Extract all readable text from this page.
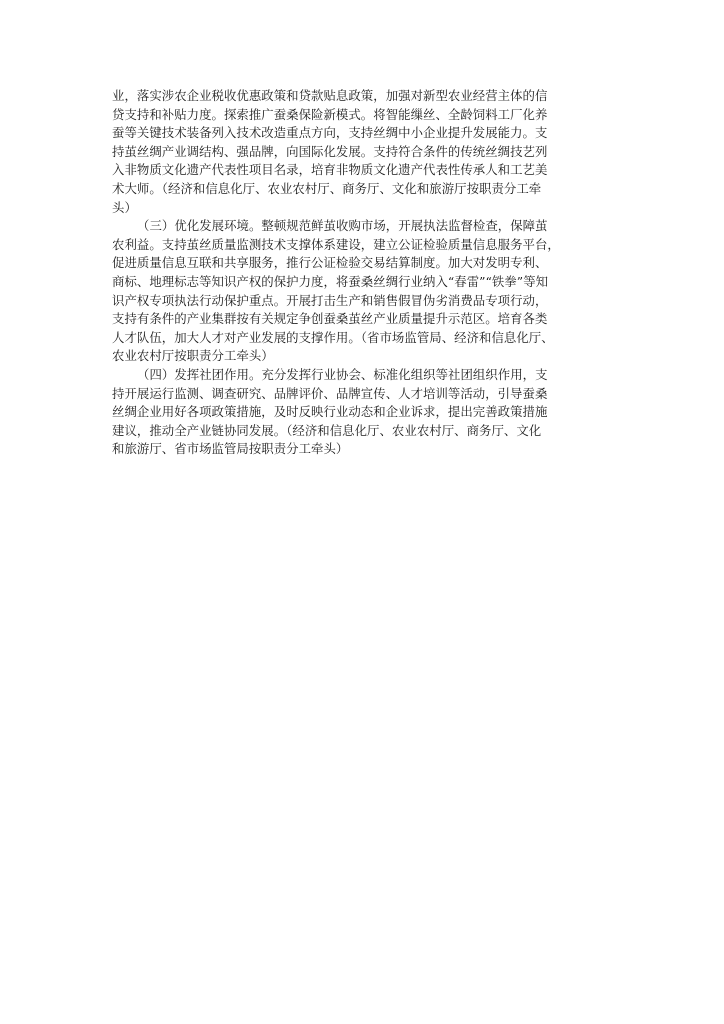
业，落实涉农企业税收优惠政策和贷款贴息政策，加强对新型农业经营主体的信
贷支持和补贴力度。探索推广蚕桑保险新模式。将智能缫丝、全龄饲料工厂化养
蚕等关键技术装备列入技术改造重点方向，支持丝绸中小企业提升发展能力。支
持茧丝绸产业调结构、强品牌，向国际化发展。支持符合条件的传统丝绸技艺列
入非物质文化遗产代表性项目名录，培育非物质文化遗产代表性传承人和工艺美
术大师。（经济和信息化厅、农业农村厅、商务厅、文化和旅游厅按职责分工牵
头）
（三）优化发展环境。整顿规范鲜茧收购市场，开展执法监督检查，保障茧
农利益。支持茧丝质量监测技术支撑体系建设，建立公证检验质量信息服务平台，
促进质量信息互联和共享服务，推行公证检验交易结算制度。加大对发明专利、
商标、地理标志等知识产权的保护力度，将蚕桑丝绸行业纳入“春雷”“铁拳”等知
识产权专项执法行动保护重点。开展打击生产和销售假冒伪劣消费品专项行动，
支持有条件的产业集群按有关规定争创蚕桑茧丝产业质量提升示范区。培育各类
人才队伍，加大人才对产业发展的支撑作用。（省市场监管局、经济和信息化厅、
农业农村厅按职责分工牵头）
（四）发挥社团作用。充分发挥行业协会、标准化组织等社团组织作用，支
持开展运行监测、调查研究、品牌评价、品牌宣传、人才培训等活动，引导蚕桑
丝绸企业用好各项政策措施，及时反映行业动态和企业诉求，提出完善政策措施
建议，推动全产业链协同发展。（经济和信息化厅、农业农村厅、商务厅、文化
和旅游厅、省市场监管局按职责分工牵头）
